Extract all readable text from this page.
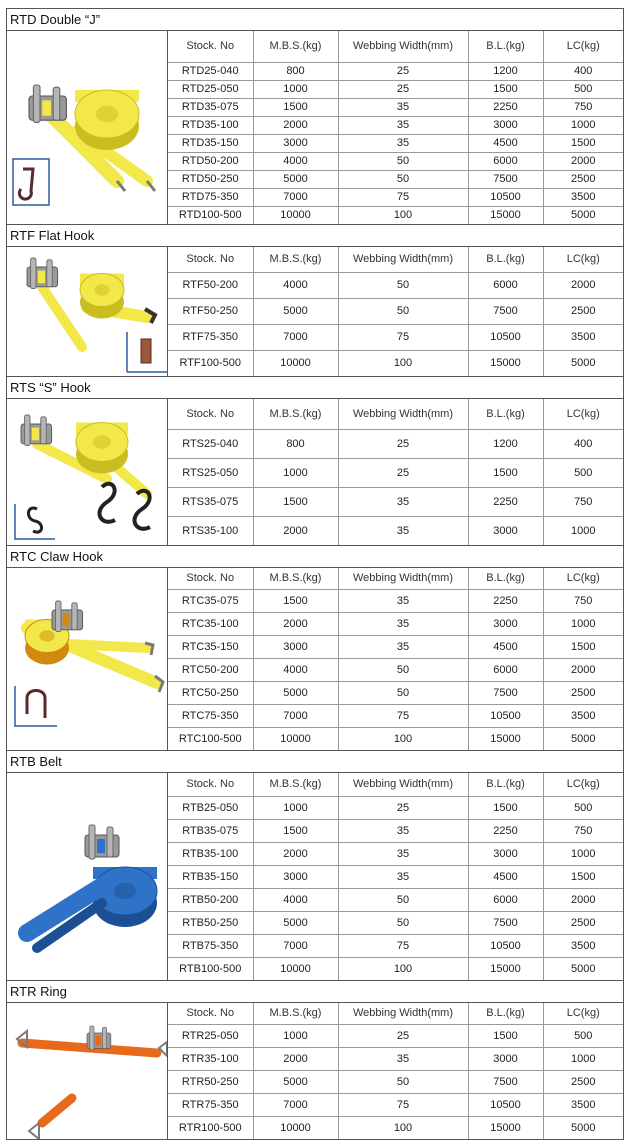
RTD Double “J”
Stock. No	M.B.S.(kg)	Webbing Width(mm)	B.L.(kg)	LC(kg)
RTD25-040	800	25	1200	400
RTD25-050	1000	25	1500	500
RTD35-075	1500	35	2250	750
RTD35-100	2000	35	3000	1000
RTD35-150	3000	35	4500	1500
RTD50-200	4000	50	6000	2000
RTD50-250	5000	50	7500	2500
RTD75-350	7000	75	10500	3500
RTD100-500	10000	100	15000	5000
RTF Flat Hook
Stock. No	M.B.S.(kg)	Webbing Width(mm)	B.L.(kg)	LC(kg)
RTF50-200	4000	50	6000	2000
RTF50-250	5000	50	7500	2500
RTF75-350	7000	75	10500	3500
RTF100-500	10000	100	15000	5000
RTS “S” Hook
Stock. No	M.B.S.(kg)	Webbing Width(mm)	B.L.(kg)	LC(kg)
RTS25-040	800	25	1200	400
RTS25-050	1000	25	1500	500
RTS35-075	1500	35	2250	750
RTS35-100	2000	35	3000	1000
RTC Claw Hook
Stock. No	M.B.S.(kg)	Webbing Width(mm)	B.L.(kg)	LC(kg)
RTC35-075	1500	35	2250	750
RTC35-100	2000	35	3000	1000
RTC35-150	3000	35	4500	1500
RTC50-200	4000	50	6000	2000
RTC50-250	5000	50	7500	2500
RTC75-350	7000	75	10500	3500
RTC100-500	10000	100	15000	5000
RTB Belt
Stock. No	M.B.S.(kg)	Webbing Width(mm)	B.L.(kg)	LC(kg)
RTB25-050	1000	25	1500	500
RTB35-075	1500	35	2250	750
RTB35-100	2000	35	3000	1000
RTB35-150	3000	35	4500	1500
RTB50-200	4000	50	6000	2000
RTB50-250	5000	50	7500	2500
RTB75-350	7000	75	10500	3500
RTB100-500	10000	100	15000	5000
RTR Ring
Stock. No	M.B.S.(kg)	Webbing Width(mm)	B.L.(kg)	LC(kg)
RTR25-050	1000	25	1500	500
RTR35-100	2000	35	3000	1000
RTR50-250	5000	50	7500	2500
RTR75-350	7000	75	10500	3500
RTR100-500	10000	100	15000	5000
